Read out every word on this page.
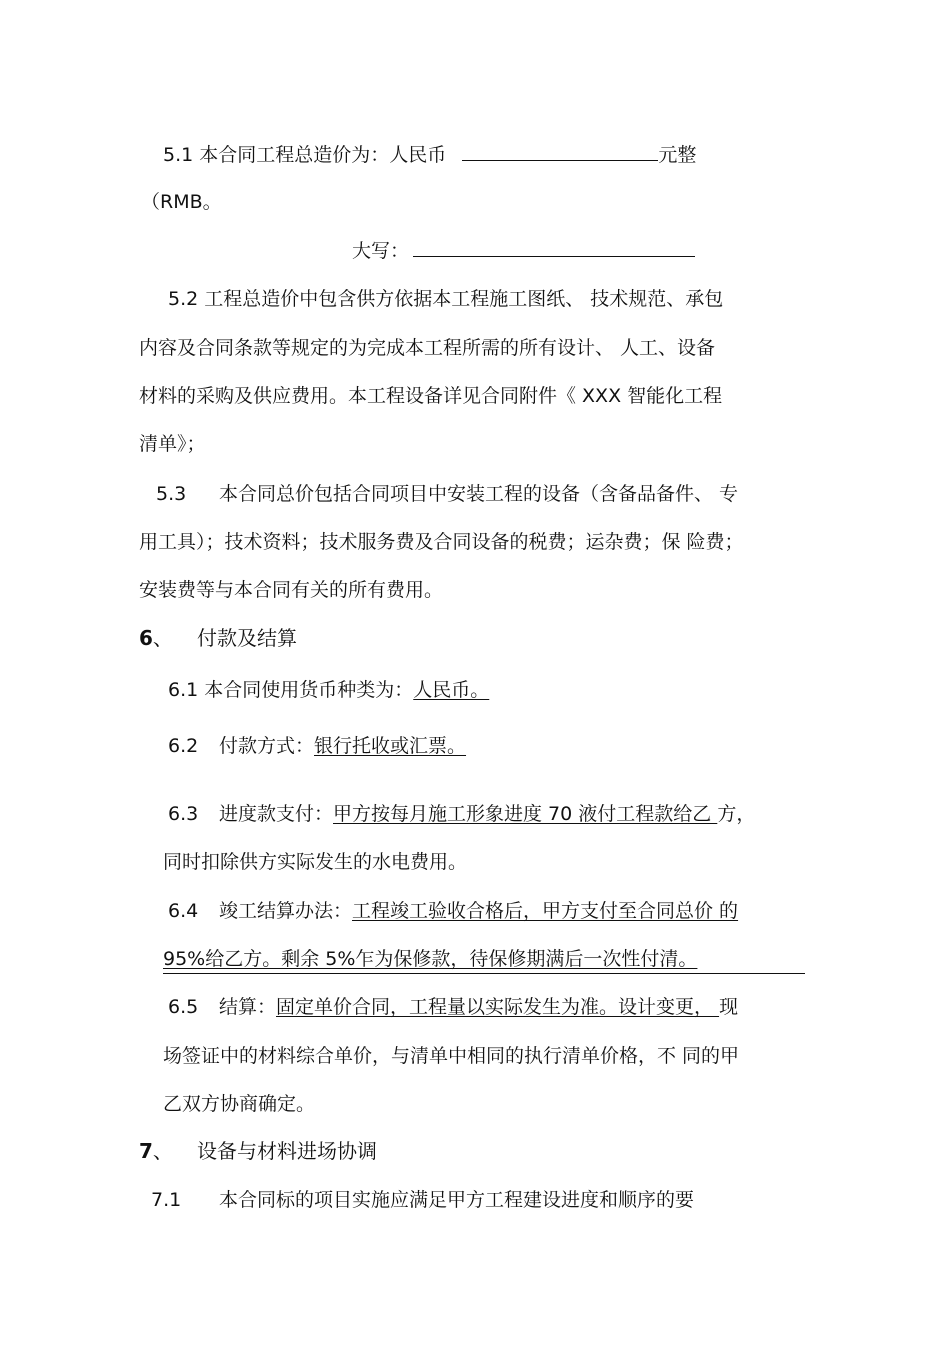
5.1 本合同工程总造价为：人民币	元整
（RMB。
大写：
5.2 工程总造价中包含供方依据本工程施工图纸、 技术规范、承包
内容及合同条款等规定的为完成本工程所需的所有设计、 人工、设备
材料的采购及供应费用。本工程设备详见合同附件《 XXX 智能化工程
清单》；
5.3 本合同总价包括合同项目中安装工程的设备（含备品备件、 专
用工具）；技术资料；技术服务费及合同设备的税费；运杂费；保 险费；
安装费等与本合同有关的所有费用。
6、 付款及结算
6.1 本合同使用货币种类为：人民币。
6.2 付款方式：银行托收或汇票。
6.3 进度款支付：甲方按每月施工形象进度 70 液付工程款给乙 方，
同时扣除供方实际发生的水电费用。
6.4 竣工结算办法：工程竣工验收合格后，甲方支付至合同总价 的
95%给乙方。剩余 5%乍为保修款，待保修期满后一次性付清。
6.5 结算：固定单价合同，工程量以实际发生为准。设计变更， 现
场签证中的材料综合单价，与清单中相同的执行清单价格，不 同的甲
乙双方协商确定。
7、 设备与材料进场协调
7.1 本合同标的项目实施应满足甲方工程建设进度和顺序的要
